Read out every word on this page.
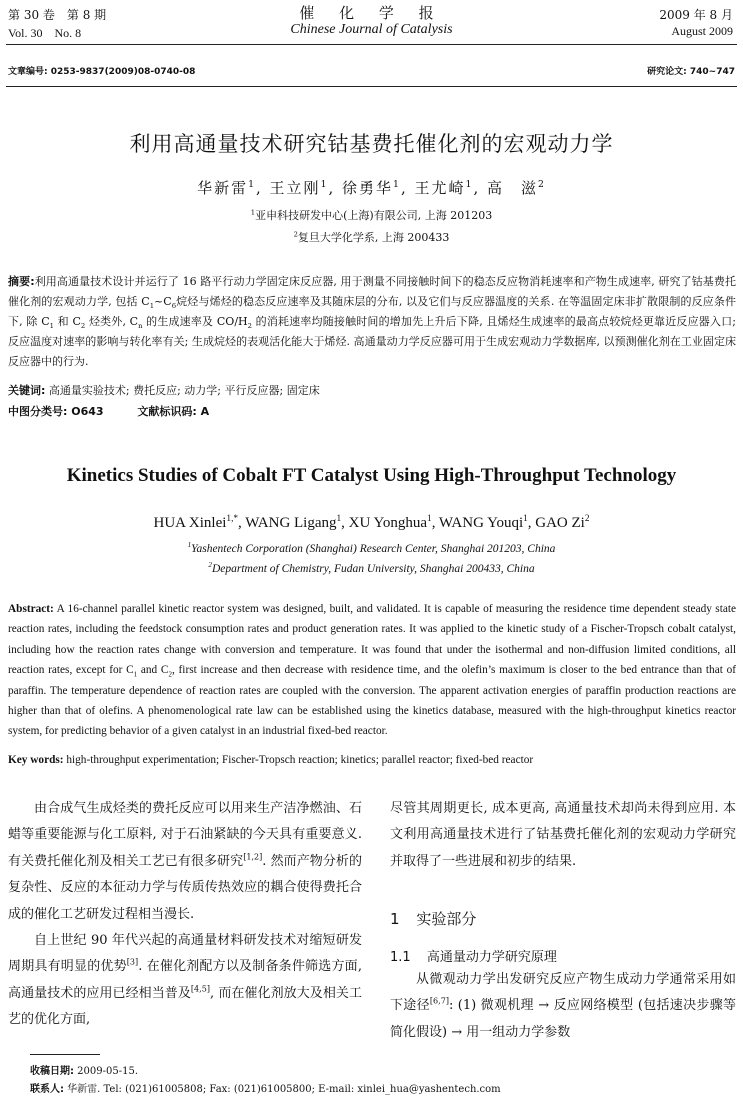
第 30 卷　第 8 期
Vol. 30　No. 8
催 化 学 报
Chinese Journal of Catalysis
2009 年 8 月
August 2009
文章编号: 0253-9837(2009)08-0740-08	研究论文: 740~747
利用高通量技术研究钴基费托催化剂的宏观动力学
华新雷$^1$, 王立刚$^1$, 徐勇华$^1$, 王尤崎$^1$, 高　滋$^2$
$^1$亚申科技研发中心(上海)有限公司, 上海 201203
$^2$复旦大学化学系, 上海 200433
摘要:利用高通量技术设计并运行了 16 路平行动力学固定床反应器, 用于测量不同接触时间下的稳态反应物消耗速率和产物生成速率, 研究了钴基费托催化剂的宏观动力学, 包括 $C_1\sim C_6$烷烃与烯烃的稳态反应速率及其随床层的分布, 以及它们与反应器温度的关系. 在等温固定床非扩散限制的反应条件下, 除 $C_1$ 和 $C_2$ 烃类外, $C_n$ 的生成速率及 $CO/H_2$ 的消耗速率均随接触时间的增加先上升后下降, 且烯烃生成速率的最高点较烷烃更靠近反应器入口; 反应温度对速率的影响与转化率有关; 生成烷烃的表观活化能大于烯烃. 高通量动力学反应器可用于生成宏观动力学数据库, 以预测催化剂在工业固定床反应器中的行为.
关键词: 高通量实验技术; 费托反应; 动力学; 平行反应器; 固定床
中图分类号: O643	文献标识码: A
Kinetics Studies of Cobalt FT Catalyst Using High-Throughput Technology
HUA Xinlei$^{1,*}$, WANG Ligang$^1$, XU Yonghua$^1$, WANG Youqi$^1$, GAO Zi$^2$
$^1$Yashentech Corporation (Shanghai) Research Center, Shanghai 201203, China
$^2$Department of Chemistry, Fudan University, Shanghai 200433, China
Abstract: A 16-channel parallel kinetic reactor system was designed, built, and validated. It is capable of measuring the residence time dependent steady state reaction rates, including the feedstock consumption rates and product generation rates. It was applied to the kinetic study of a Fischer-Tropsch cobalt catalyst, including how the reaction rates change with conversion and temperature. It was found that under the isothermal and non-diffusion limited conditions, all reaction rates, except for $C_1$ and $C_2$, first increase and then decrease with residence time, and the olefin’s maximum is closer to the bed entrance than that of paraffin. The temperature dependence of reaction rates are coupled with the conversion. The apparent activation energies of paraffin production reactions are higher than that of olefins. A phenomenological rate law can be established using the kinetics database, measured with the high-throughput kinetics reactor system, for predicting behavior of a given catalyst in an industrial fixed-bed reactor.
Key words: high-throughput experimentation; Fischer-Tropsch reaction; kinetics; parallel reactor; fixed-bed reactor

由合成气生成烃类的费托反应可以用来生产洁净燃油、石蜡等重要能源与化工原料, 对于石油紧缺的今天具有重要意义. 有关费托催化剂及相关工艺已有很多研究[1,2]. 然而产物分析的复杂性、反应的本征动力学与传质传热效应的耦合使得费托合成的催化工艺研发过程相当漫长.

自上世纪 90 年代兴起的高通量材料研发技术对缩短研发周期具有明显的优势[3]. 在催化剂配方以及制备条件筛选方面, 高通量技术的应用已经相当普及[4,5], 而在催化剂放大及相关工艺的优化方面,

尽管其周期更长, 成本更高, 高通量技术却尚未得到应用. 本文利用高通量技术进行了钴基费托催化剂的宏观动力学研究并取得了一些进展和初步的结果.

1 实验部分
1.1 高通量动力学研究原理

从微观动力学出发研究反应产物生成动力学通常采用如下途径[6,7]: (1) 微观机理 → 反应网络模型 (包括速决步骤等简化假设) → 用一组动力学参数

收稿日期: 2009-05-15.
联系人: 华新雷. Tel: (021)61005808; Fax: (021)61005800; E-mail: xinlei_hua@yashentech.com
